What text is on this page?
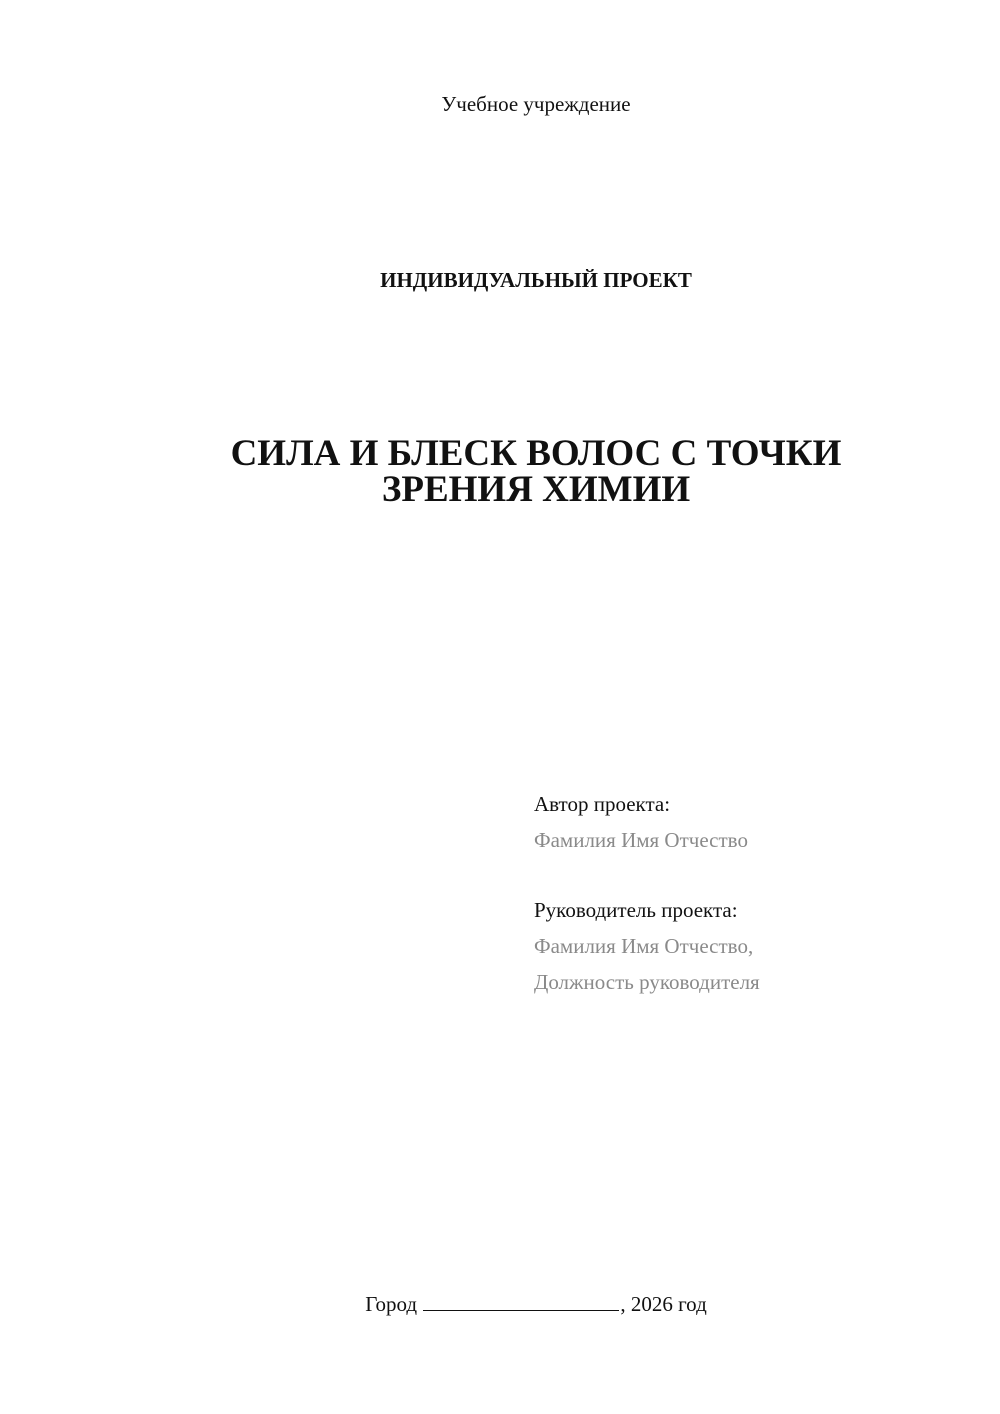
Учебное учреждение
ИНДИВИДУАЛЬНЫЙ ПРОЕКТ
СИЛА И БЛЕСК ВОЛОС С ТОЧКИ
ЗРЕНИЯ ХИМИИ
Автор проекта:
Фамилия Имя Отчество
Руководитель проекта:
Фамилия Имя Отчество,
Должность руководителя
Город	, 2026 год
